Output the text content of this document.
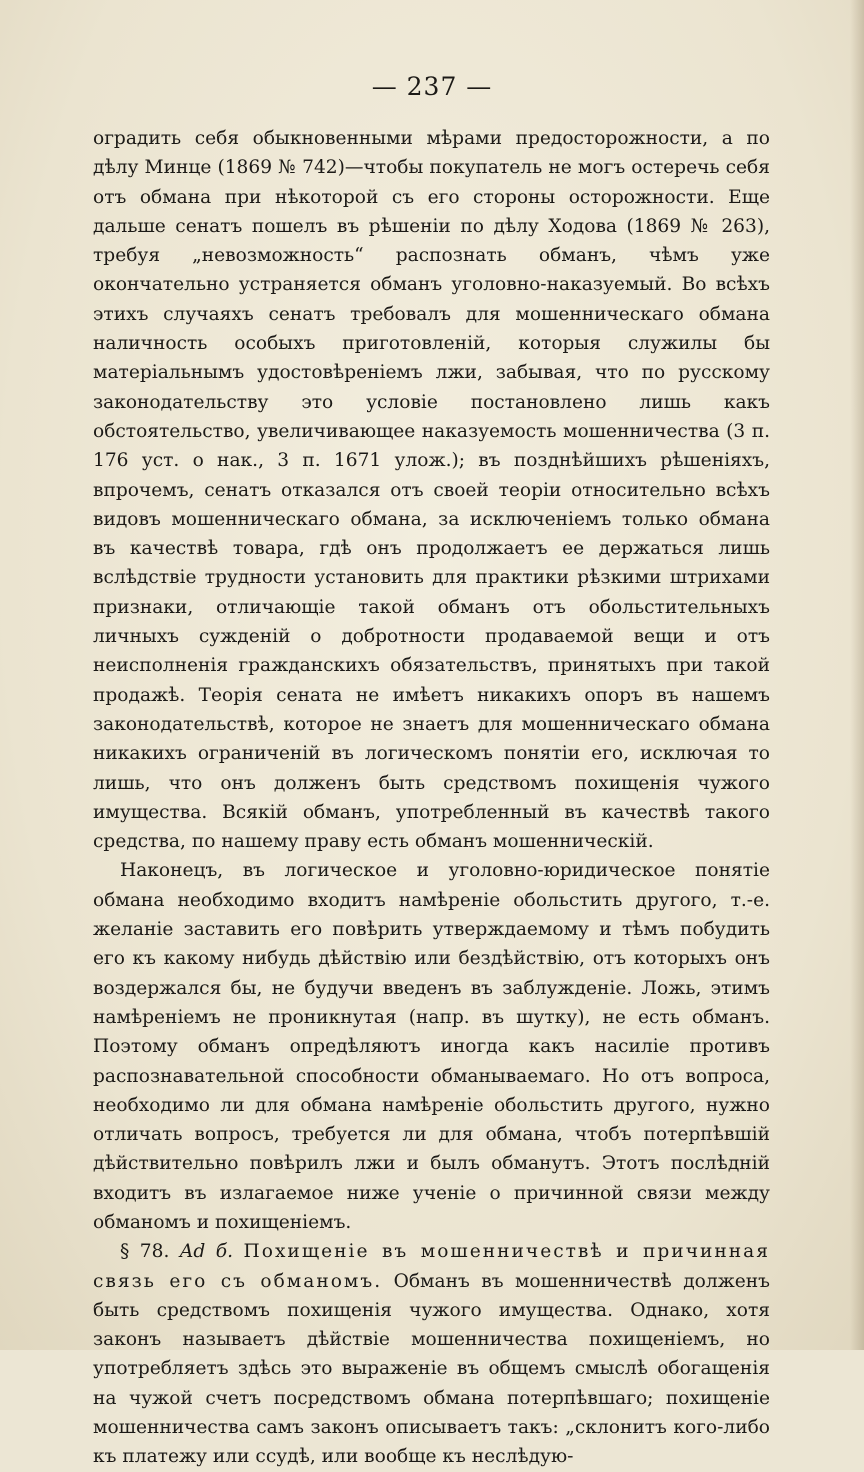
— 237 —

оградить себя обыкновенными мѣрами предосторожности, а по дѣлу Минце (1869 № 742)—чтобы покупатель не могъ остеречь себя отъ обмана при нѣкоторой съ его стороны осторожности. Еще дальше сенатъ пошелъ въ рѣшеніи по дѣлу Ходова (1869 № 263), требуя „невозможность“ распознать обманъ, чѣмъ уже окончательно устраняется обманъ уголовно-наказуемый. Во всѣхъ этихъ случаяхъ сенатъ требовалъ для мошенническаго обмана наличность особыхъ приготовленій, которыя служилы бы матеріальнымъ удостовѣреніемъ лжи, забывая, что по русскому законодательству это условіе постановлено лишь какъ обстоятельство, увеличивающее наказуемость мошенничества (3 п. 176 уст. о нак., 3 п. 1671 улож.); въ позднѣйшихъ рѣшеніяхъ, впрочемъ, сенатъ отказался отъ своей теоріи относительно всѣхъ видовъ мошенническаго обмана, за исключеніемъ только обмана въ качествѣ товара, гдѣ онъ продолжаетъ ее держаться лишь вслѣдствіе трудности установить для практики рѣзкими штрихами признаки, отличающіе такой обманъ отъ обольстительныхъ личныхъ сужденій о добротности продаваемой вещи и отъ неисполненія гражданскихъ обязательствъ, принятыхъ при такой продажѣ. Теорія сената не имѣетъ никакихъ опоръ въ нашемъ законодательствѣ, которое не знаетъ для мошенническаго обмана никакихъ ограниченій въ логическомъ понятіи его, исключая то лишь, что онъ долженъ быть средствомъ похищенія чужого имущества. Всякій обманъ, употребленный въ качествѣ такого средства, по нашему праву есть обманъ мошенническій.

Наконецъ, въ логическое и уголовно-юридическое понятіе обмана необходимо входитъ намѣреніе обольстить другого, т.-е. желаніе заставить его повѣрить утверждаемому и тѣмъ побудить его къ какому нибудь дѣйствію или бездѣйствію, отъ которыхъ онъ воздержался бы, не будучи введенъ въ заблужденіе. Ложь, этимъ намѣреніемъ не проникнутая (напр. въ шутку), не есть обманъ. Поэтому обманъ опредѣляютъ иногда какъ насиліе противъ распознавательной способности обманываемаго. Но отъ вопроса, необходимо ли для обмана намѣреніе обольстить другого, нужно отличать вопросъ, требуется ли для обмана, чтобъ потерпѣвшій дѣйствительно повѣрилъ лжи и былъ обманутъ. Этотъ послѣдній входитъ въ излагаемое ниже ученіе о причинной связи между обманомъ и похищеніемъ.

§ 78. Ad б. Похищеніе въ мошенничествѣ и причинная связь его съ обманомъ. Обманъ въ мошенничествѣ долженъ быть средствомъ похищенія чужого имущества. Однако, хотя законъ называетъ дѣйствіе мошенничества похищеніемъ, но употребляетъ здѣсь это выраженіе въ общемъ смыслѣ обогащенія на чужой счетъ посредствомъ обмана потерпѣвшаго; похищеніе мошенничества самъ законъ описываетъ такъ: „склонитъ кого-либо къ платежу или ссудѣ, или вообще къ неслѣдую-
